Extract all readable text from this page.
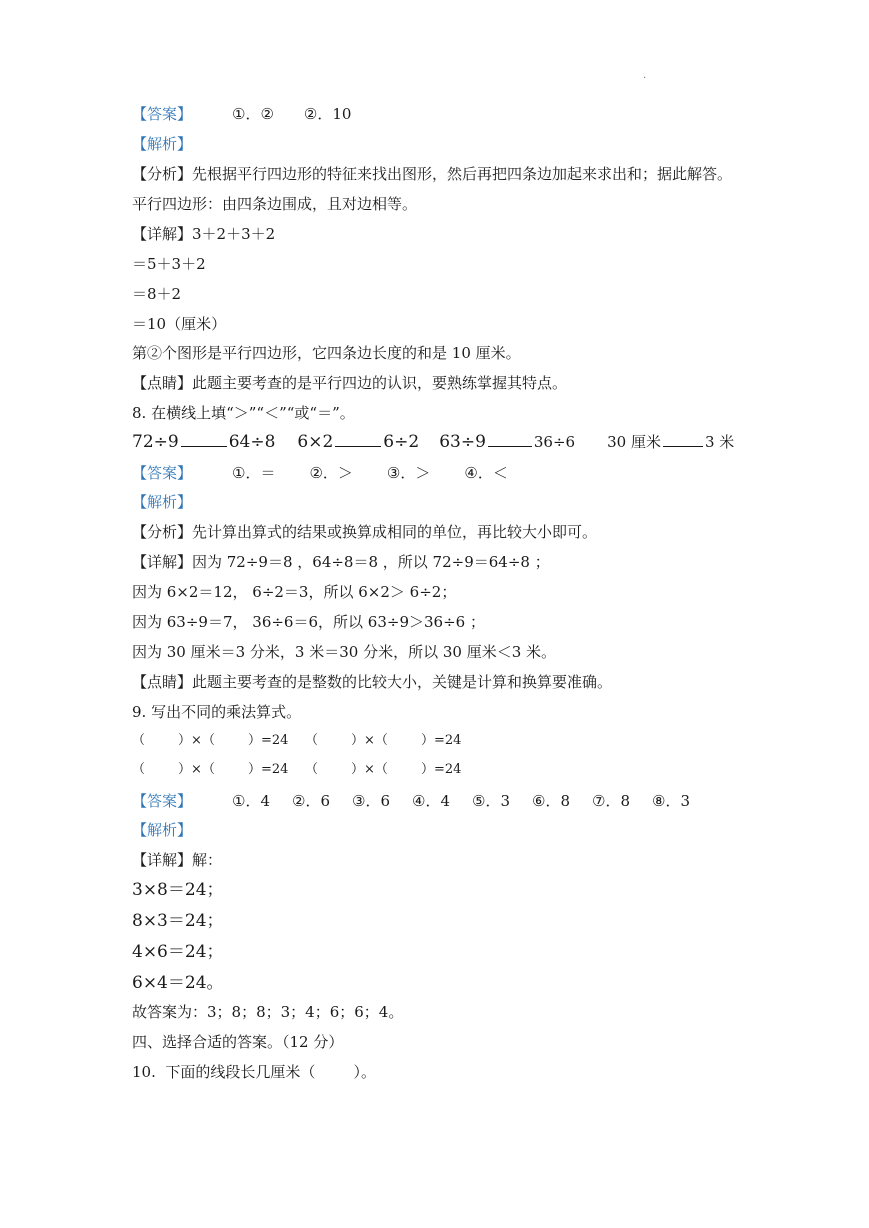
.
【答案】	①．② ②．10
【解析】
【分析】先根据平行四边形的特征来找出图形，然后再把四条边加起来求出和；据此解答。
平行四边形：由四条边围成，且对边相等。
【详解】3＋2＋3＋2
＝5＋3＋2
＝8＋2
＝10（厘米）
第②个图形是平行四边形，它四条边长度的和是 10 厘米。
【点睛】此题主要考查的是平行四边的认识，要熟练掌握其特点。
8. 在横线上填“＞”“＜”“或“＝”。
72÷9	64÷8 6×2	6÷2 63÷9	36÷6 30 厘米	3 米
【答案】	①．＝ ②．＞ ③．＞ ④．＜
【解析】
【分析】先计算出算式的结果或换算成相同的单位，再比较大小即可。
【详解】因为 72÷9＝8 ，64÷8＝8 ，所以 72÷9＝64÷8 ；
因为 6×2＝12， 6÷2＝3，所以 6×2＞ 6÷2；
因为 63÷9＝7， 36÷6＝6，所以 63÷9＞36÷6 ；
因为 30 厘米＝3 分米，3 米＝30 分米，所以 30 厘米＜3 米。
【点睛】此题主要考查的是整数的比较大小，关键是计算和换算要准确。
9. 写出不同的乘法算式。
（        ）×（        ）=24    （        ）×（        ）=24
（        ）×（        ）=24    （        ）×（        ）=24
【答案】	①．4 ②．6 ③．6 ④．4 ⑤．3 ⑥．8 ⑦．8 ⑧．3
【解析】
【详解】解：
3×8＝24；
8×3＝24；
4×6＝24；
6×4＝24。
故答案为：3；8；8；3；4；6；6；4。
四、选择合适的答案。（12 分）
10.  下面的线段长几厘米（        ）。
